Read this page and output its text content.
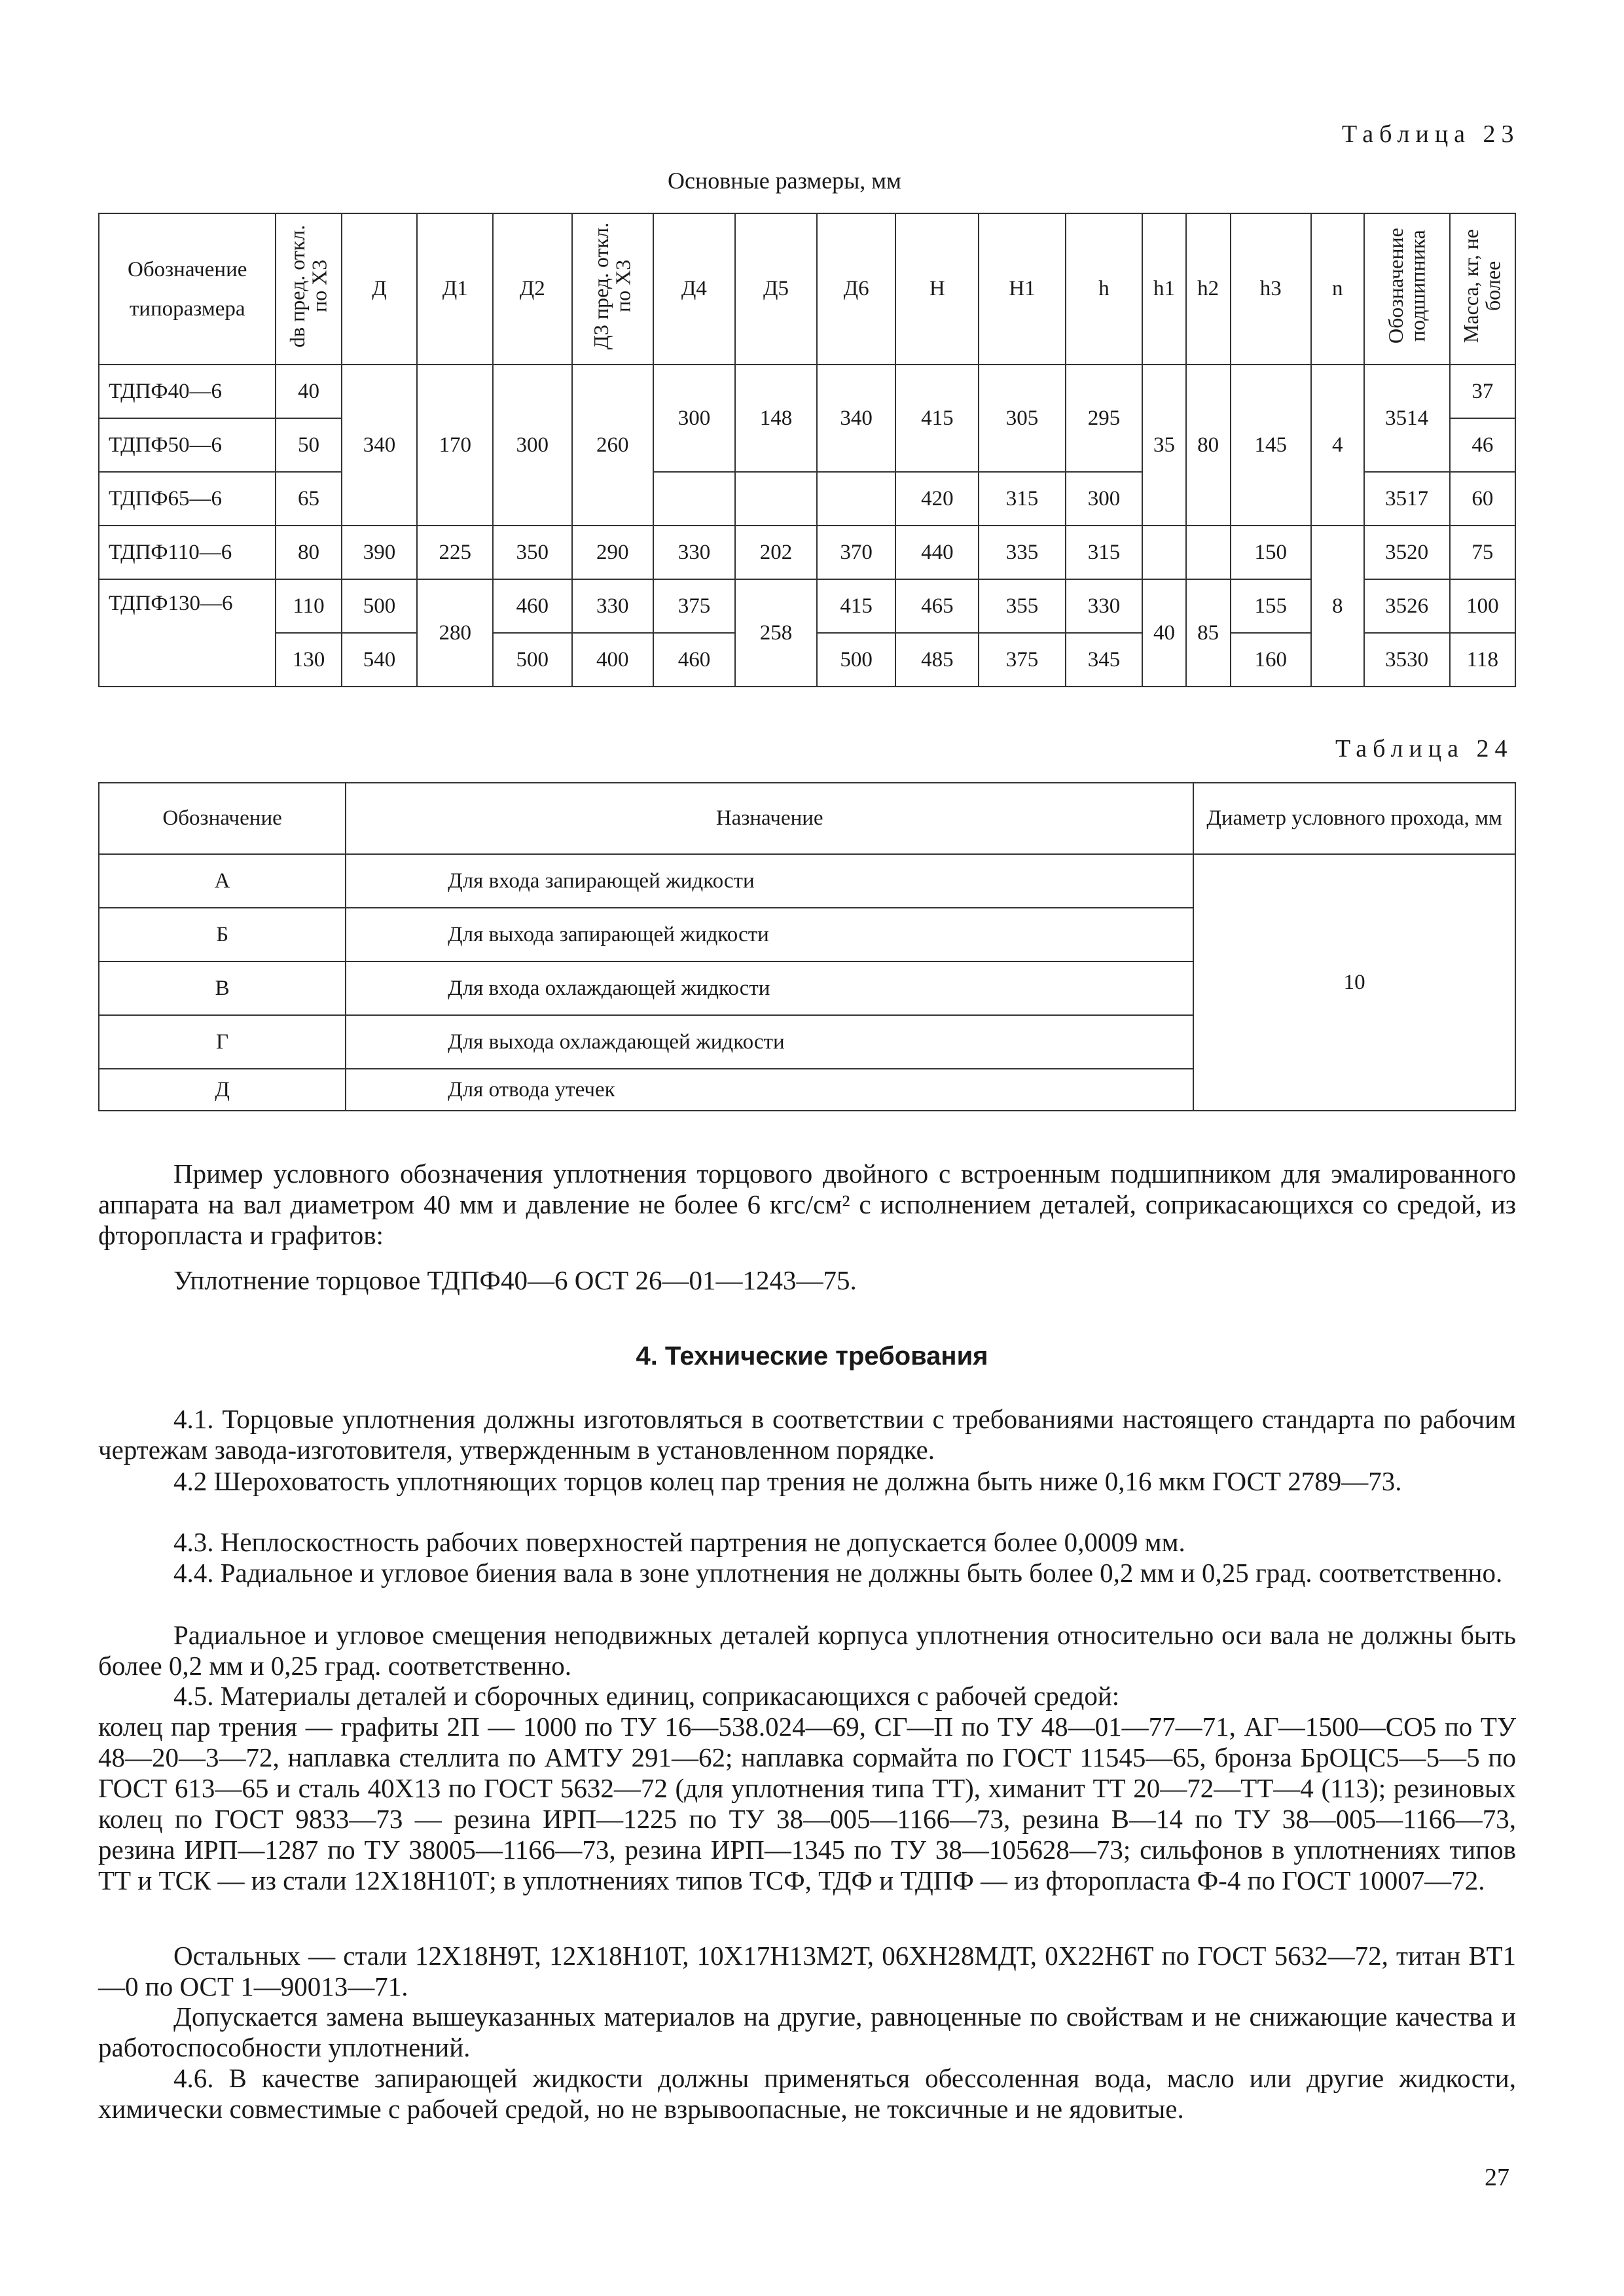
Таблица 23
Основные размеры, мм
Обозначение типоразмера	dв пред. откл. по X3	Д	Д1	Д2	Д3 пред. откл. по X3	Д4	Д5	Д6	Н	Н1	h	h1	h2	h3	n	Обозначение подшипника	Масса, кг, не более
ТДПФ40—6	40	340	170	300	260	300	148	340	415	305	295	35	80	145	4	3514	37
ТДПФ50—6	50																46
ТДПФ65—6	65								420	315	300					3517	60
ТДПФ110—6	80	390	225	350	290	330	202	370	440	335	315			150	8	3520	75
ТДПФ130—6	110	500	280	460	330	375	258	415	465	355	330	40	85	155		3526	100
	130	540		500	400	460		500	485	375	345			160		3530	118
Таблица 24
Обозначение	Назначение	Диаметр условного прохода, мм
А	Для входа запирающей жидкости	10
Б	Для выхода запирающей жидкости	
В	Для входа охлаждающей жидкости	
Г	Для выхода охлаждающей жидкости	
Д	Для отвода утечек	
Пример условного обозначения уплотнения торцового двойного с встроенным подшипником для эмалированного аппарата на вал диаметром 40 мм и давление не более 6 кгс/см² с исполнением деталей, соприкасающихся со средой, из фторопласта и графитов:
Уплотнение торцовое ТДПФ40—6 ОСТ 26—01—1243—75.
4. Технические требования
4.1. Торцовые уплотнения должны изготовляться в соответствии с требованиями настоящего стандарта по рабочим чертежам завода-изготовителя, утвержденным в установленном порядке.
4.2 Шероховатость уплотняющих торцов колец пар трения не должна быть ниже 0,16 мкм ГОСТ 2789—73.
4.3. Неплоскостность рабочих поверхностей партрения не допускается более 0,0009 мм.
4.4. Радиальное и угловое биения вала в зоне уплотнения не должны быть более 0,2 мм и 0,25 град. соответственно.
Радиальное и угловое смещения неподвижных деталей корпуса уплотнения относительно оси вала не должны быть более 0,2 мм и 0,25 град. соответственно.
4.5. Материалы деталей и сборочных единиц, соприкасающихся с рабочей средой:
колец пар трения — графиты 2П — 1000 по ТУ 16—538.024—69, СГ—П по ТУ 48—01—77—71, АГ—1500—СО5 по ТУ 48—20—3—72, наплавка стеллита по АМТУ 291—62; наплавка сормайта по ГОСТ 11545—65, бронза БрОЦС5—5—5 по ГОСТ 613—65 и сталь 40Х13 по ГОСТ 5632—72 (для уплотнения типа ТТ), химанит ТТ 20—72—ТТ—4 (113); резиновых колец по ГОСТ 9833—73 — резина ИРП—1225 по ТУ 38—005—1166—73, резина В—14 по ТУ 38—005—1166—73, резина ИРП—1287 по ТУ 38005—1166—73, резина ИРП—1345 по ТУ 38—105628—73; сильфонов в уплотнениях типов ТТ и ТСК — из стали 12Х18Н10Т; в уплотнениях типов ТСФ, ТДФ и ТДПФ — из фторопласта Ф-4 по ГОСТ 10007—72.
Остальных — стали 12Х18Н9Т, 12Х18Н10Т, 10Х17Н13М2Т, 06ХН28МДТ, 0Х22Н6Т по ГОСТ 5632—72, титан ВТ1—0 по ОСТ 1—90013—71.
Допускается замена вышеуказанных материалов на другие, равноценные по свойствам и не снижающие качества и работоспособности уплотнений.
4.6. В качестве запирающей жидкости должны применяться обессоленная вода, масло или другие жидкости, химически совместимые с рабочей средой, но не взрывоопасные, не токсичные и не ядовитые.
27
